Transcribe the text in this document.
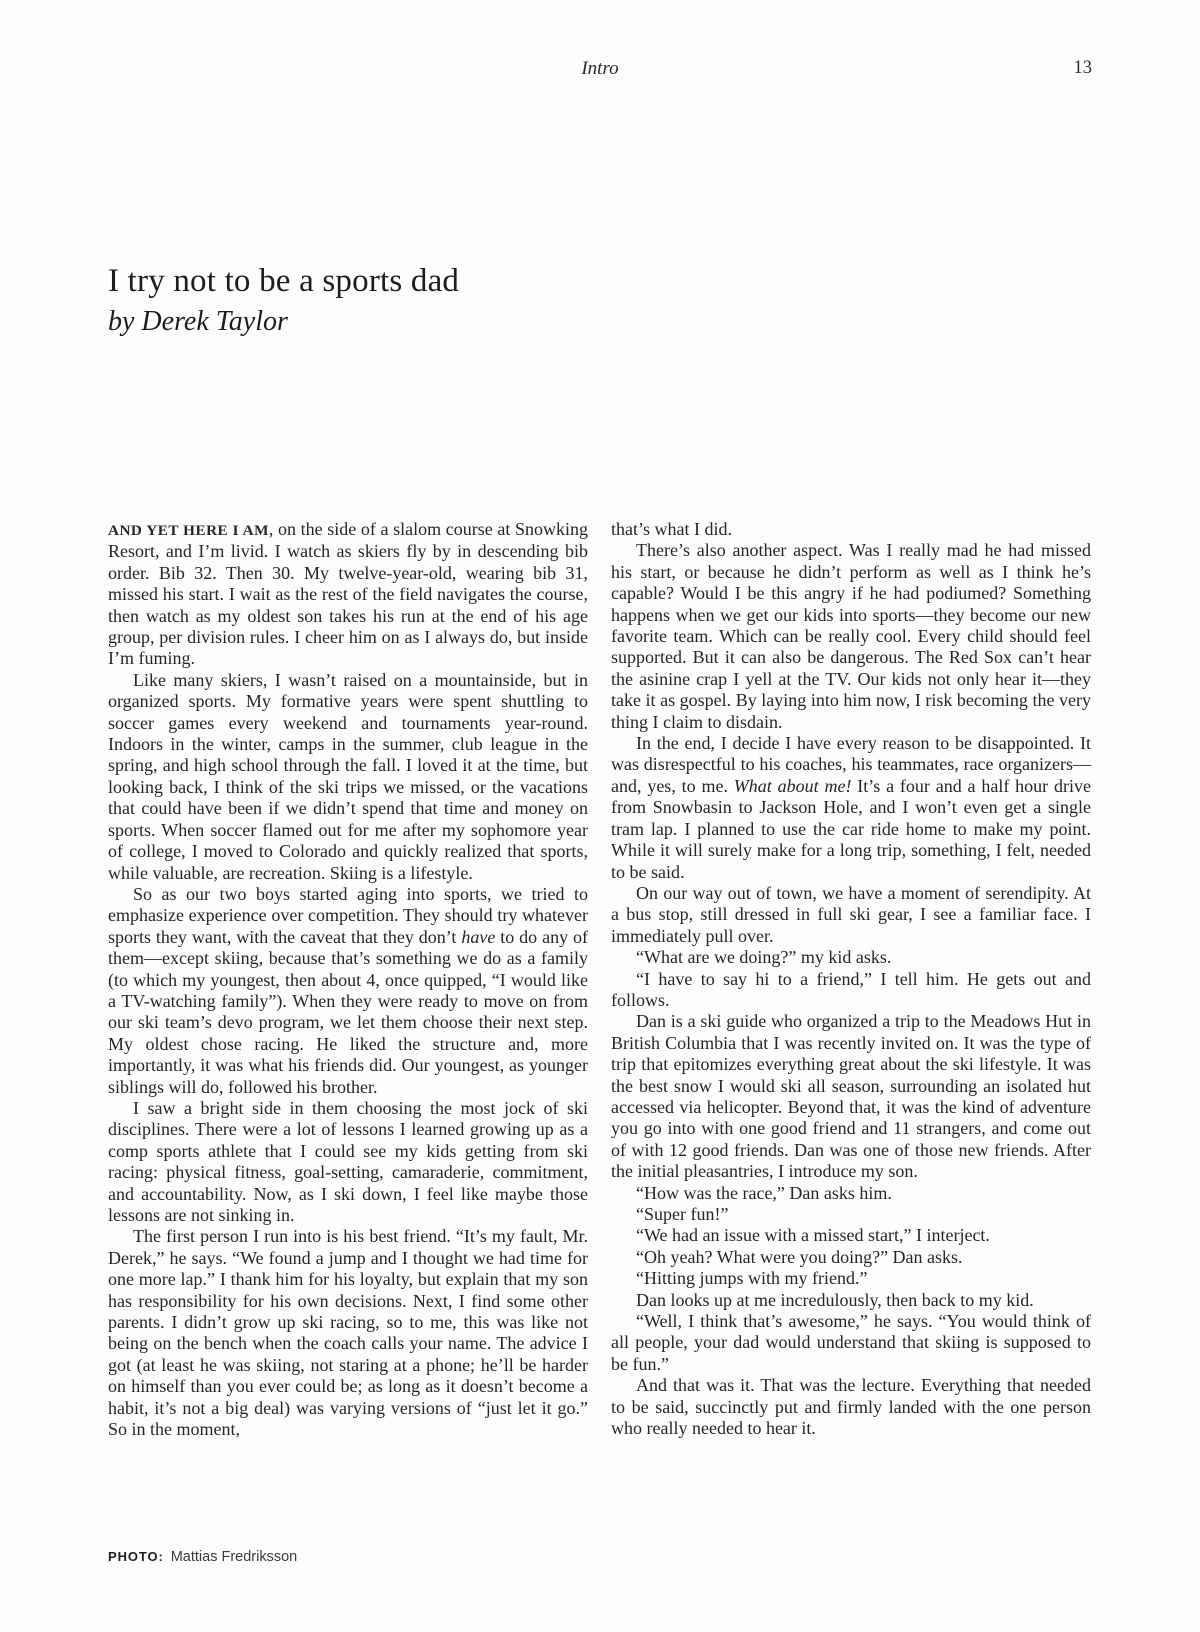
Intro	13
I try not to be a sports dad
by Derek Taylor

AND YET HERE I AM, on the side of a slalom course at Snowking Resort, and I’m livid. I watch as skiers fly by in descending bib order. Bib 32. Then 30. My twelve-year-old, wearing bib 31, missed his start. I wait as the rest of the field navigates the course, then watch as my oldest son takes his run at the end of his age group, per division rules. I cheer him on as I always do, but inside I’m fuming.

Like many skiers, I wasn’t raised on a mountainside, but in organized sports. My formative years were spent shuttling to soccer games every weekend and tournaments year-round. Indoors in the winter, camps in the summer, club league in the spring, and high school through the fall. I loved it at the time, but looking back, I think of the ski trips we missed, or the vacations that could have been if we didn’t spend that time and money on sports. When soccer flamed out for me after my sophomore year of college, I moved to Colorado and quickly realized that sports, while valuable, are recreation. Skiing is a lifestyle.

So as our two boys started aging into sports, we tried to emphasize experience over competition. They should try whatever sports they want, with the caveat that they don’t have to do any of them—except skiing, because that’s something we do as a family (to which my youngest, then about 4, once quipped, “I would like a TV-watching family”). When they were ready to move on from our ski team’s devo program, we let them choose their next step. My oldest chose racing. He liked the structure and, more importantly, it was what his friends did. Our youngest, as younger siblings will do, followed his brother.

I saw a bright side in them choosing the most jock of ski disciplines. There were a lot of lessons I learned growing up as a comp sports athlete that I could see my kids getting from ski racing: physical fitness, goal-setting, camaraderie, commitment, and accountability. Now, as I ski down, I feel like maybe those lessons are not sinking in.

The first person I run into is his best friend. “It’s my fault, Mr. Derek,” he says. “We found a jump and I thought we had time for one more lap.” I thank him for his loyalty, but explain that my son has responsibility for his own decisions. Next, I find some other parents. I didn’t grow up ski racing, so to me, this was like not being on the bench when the coach calls your name. The advice I got (at least he was skiing, not staring at a phone; he’ll be harder on himself than you ever could be; as long as it doesn’t become a habit, it’s not a big deal) was varying versions of “just let it go.” So in the moment,

that’s what I did.

There’s also another aspect. Was I really mad he had missed his start, or because he didn’t perform as well as I think he’s capable? Would I be this angry if he had podiumed? Something happens when we get our kids into sports—they become our new favorite team. Which can be really cool. Every child should feel supported. But it can also be dangerous. The Red Sox can’t hear the asinine crap I yell at the TV. Our kids not only hear it—they take it as gospel. By laying into him now, I risk becoming the very thing I claim to disdain.

In the end, I decide I have every reason to be disappointed. It was disrespectful to his coaches, his teammates, race organizers—and, yes, to me. What about me! It’s a four and a half hour drive from Snowbasin to Jackson Hole, and I won’t even get a single tram lap. I planned to use the car ride home to make my point. While it will surely make for a long trip, something, I felt, needed to be said.

On our way out of town, we have a moment of serendipity. At a bus stop, still dressed in full ski gear, I see a familiar face. I immediately pull over.

“What are we doing?” my kid asks.

“I have to say hi to a friend,” I tell him. He gets out and follows.

Dan is a ski guide who organized a trip to the Meadows Hut in British Columbia that I was recently invited on. It was the type of trip that epitomizes everything great about the ski lifestyle. It was the best snow I would ski all season, surrounding an isolated hut accessed via helicopter. Beyond that, it was the kind of adventure you go into with one good friend and 11 strangers, and come out of with 12 good friends. Dan was one of those new friends. After the initial pleasantries, I introduce my son.

“How was the race,” Dan asks him.

“Super fun!”

“We had an issue with a missed start,” I interject.

“Oh yeah? What were you doing?” Dan asks.

“Hitting jumps with my friend.”

Dan looks up at me incredulously, then back to my kid.

“Well, I think that’s awesome,” he says. “You would think of all people, your dad would understand that skiing is supposed to be fun.”

And that was it. That was the lecture. Everything that needed to be said, succinctly put and firmly landed with the one person who really needed to hear it.

PHOTO: Mattias Fredriksson
